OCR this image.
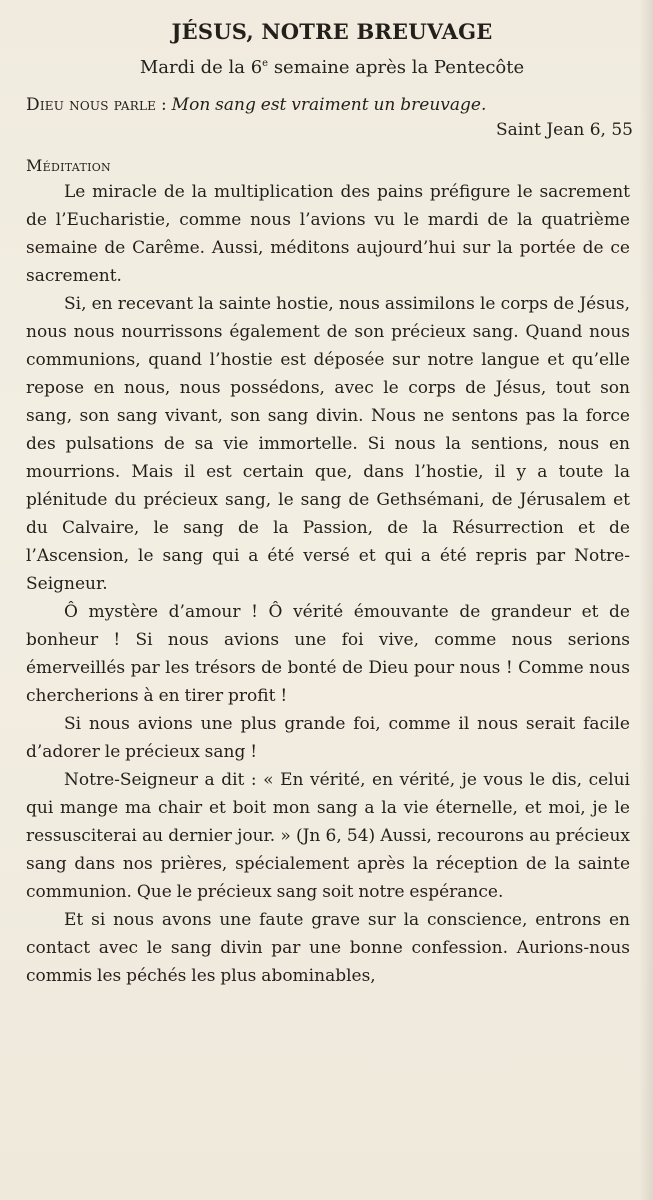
JÉSUS, NOTRE BREUVAGE
Mardi de la 6e semaine après la Pentecôte
Dieu nous parle : Mon sang est vraiment un breuvage.
Saint Jean 6, 55
Méditation

Le miracle de la multiplication des pains préfigure le sacrement de l’Eucharistie, comme nous l’avions vu le mardi de la quatrième semaine de Carême. Aussi, méditons aujourd’hui sur la portée de ce sacrement.

Si, en recevant la sainte hostie, nous assimilons le corps de Jésus, nous nous nourrissons également de son précieux sang. Quand nous communions, quand l’hostie est déposée sur notre langue et qu’elle repose en nous, nous possédons, avec le corps de Jésus, tout son sang, son sang vivant, son sang divin. Nous ne sentons pas la force des pulsations de sa vie immortelle. Si nous la sentions, nous en mourrions. Mais il est certain que, dans l’hostie, il y a toute la plénitude du précieux sang, le sang de Gethsémani, de Jérusalem et du Calvaire, le sang de la Passion, de la Résurrection et de l’Ascension, le sang qui a été versé et qui a été repris par Notre-Seigneur.

Ô mystère d’amour ! Ô vérité émouvante de grandeur et de bonheur ! Si nous avions une foi vive, comme nous serions émerveillés par les trésors de bonté de Dieu pour nous ! Comme nous chercherions à en tirer profit !

Si nous avions une plus grande foi, comme il nous serait facile d’adorer le précieux sang !

Notre-Seigneur a dit : « En vérité, en vérité, je vous le dis, celui qui mange ma chair et boit mon sang a la vie éternelle, et moi, je le ressusciterai au dernier jour. » (Jn 6, 54) Aussi, recourons au précieux sang dans nos prières, spécialement après la réception de la sainte communion. Que le précieux sang soit notre espérance.

Et si nous avons une faute grave sur la conscience, entrons en contact avec le sang divin par une bonne confession. Aurions-nous commis les péchés les plus abominables,
